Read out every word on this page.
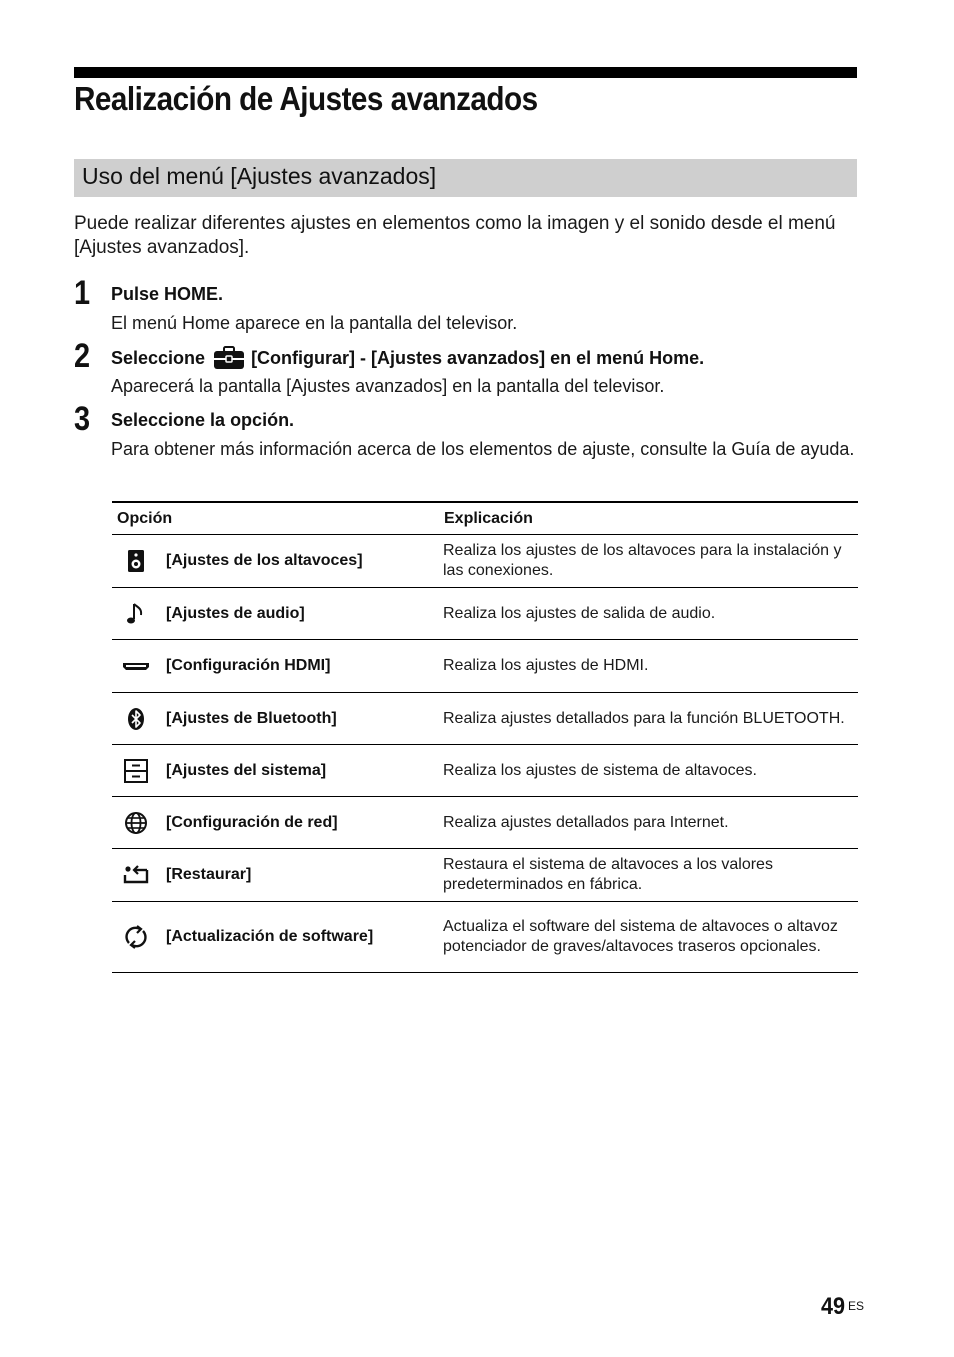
Realización de Ajustes avanzados
Uso del menú [Ajustes avanzados]

Puede realizar diferentes ajustes en elementos como la imagen y el sonido desde el menú [Ajustes avanzados].

1 Pulse HOME.

El menú Home aparece en la pantalla del televisor.

2 Seleccione	[Configurar] - [Ajustes avanzados] en el menú Home.

Aparecerá la pantalla [Ajustes avanzados] en la pantalla del televisor.

3 Seleccione la opción.

Para obtener más información acerca de los elementos de ajuste, consulte la Guía de ayuda.

Opción	Explicación

[Ajustes de los altavoces]	Realiza los ajustes de los altavoces para la instalación y las conexiones.

[Ajustes de audio]	Realiza los ajustes de salida de audio.

[Configuración HDMI]	Realiza los ajustes de HDMI.

[Ajustes de Bluetooth]	Realiza ajustes detallados para la función BLUETOOTH.

[Ajustes del sistema]	Realiza los ajustes de sistema de altavoces.

[Configuración de red]	Realiza ajustes detallados para Internet.

[Restaurar]	Restaura el sistema de altavoces a los valores predeterminados en fábrica.

[Actualización de software]	Actualiza el software del sistema de altavoces o altavoz potenciador de graves/altavoces traseros opcionales.
49 ES
